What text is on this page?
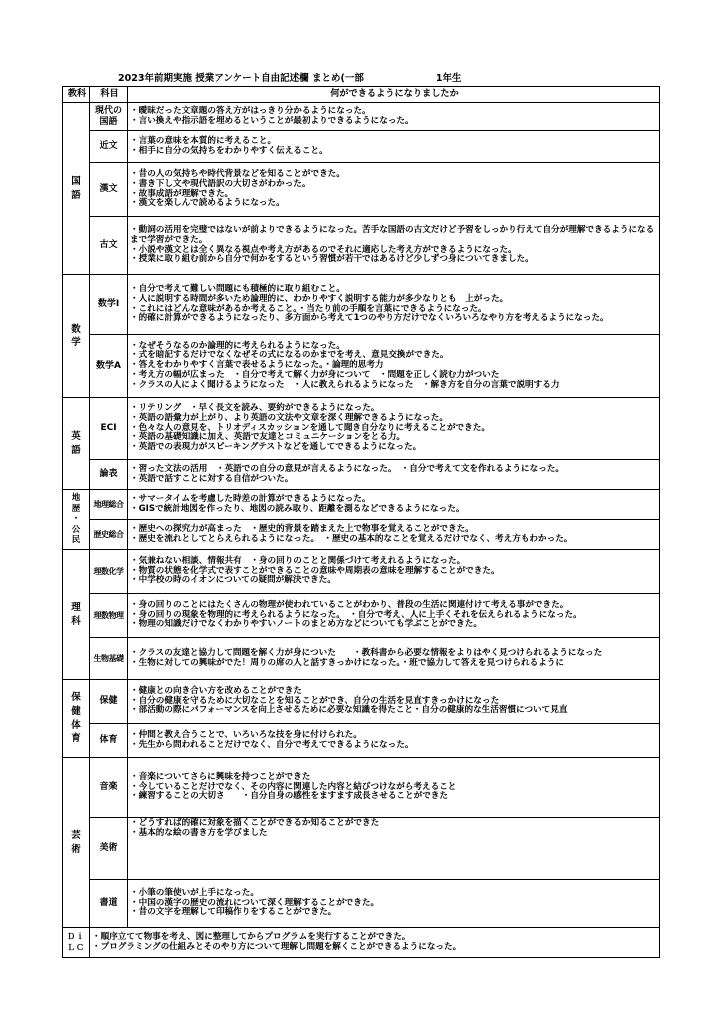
2023年前期実施 授業アンケート自由記述欄 まとめ(一部	1年生
教科	科目	何ができるようになりましたか

国
語	現代の国語	・曖昧だった文章題の答え方がはっきり分かるようになった。
・言い換えや指示語を埋めるということが最初よりできるようになった。

	近文	・言葉の意味を本質的に考えること。
・相手に自分の気持ちをわかりやすく伝えること。

	漢文	・昔の人の気持ちや時代背景などを知ることができた。
・書き下し文や現代語訳の大切さがわかった。
・故事成語が理解できた。
・漢文を楽しんで読めるようになった。

	古文	・動詞の活用を完璧ではないが前よりできるようになった。苦手な国語の古文だけど予習をしっかり行えて自分が理解できるようになるまで学習ができた。
・小説や漢文とは全く異なる視点や考え方があるのでそれに適応した考え方ができるようになった。
・授業に取り組む前から自分で何かをするという習慣が若干ではあるけど少しずつ身についてきました。

数
学	数学Ⅰ	・自分で考えて難しい問題にも積極的に取り組むこと。
・人に説明する時間が多いため論理的に、わかりやすく説明する能力が多少なりとも　上がった。
・これにはどんな意味があるか考えること。・当たり前の手順を言葉にできるようになった。
・的確に計算ができるようになったり、多方面から考えて1つのやり方だけでなくいろいろなやり方を考えるようになった。

	数学A	・なぜそうなるのか論理的に考えられるようになった。
・式を暗記するだけでなくなぜその式になるのかまでを考え、意見交換ができた。
・答えをわかりやすく言葉で表せるようになった。・論理的思考力
・考え方の幅が広まった　・自分で考えて解く力が身について　・問題を正しく読む力がついた
・クラスの人によく聞けるようになった　・人に教えられるようになった　・解き方を自分の言葉で説明する力

英
語	ECI	・リテリング　・早く長文を読み、要約ができるようになった。
・英語の語彙力が上がり、より英語の文法や文章を深く理解できるようになった。
・色々な人の意見を、トリオディスカッションを通して聞き自分なりに考えることができた。
・英語の基礎知識に加え、英語で友達とコミュニケーションをとる力。
・英語での表現力がスピーキングテストなどを通してできるようになった。

	論表	・習った文法の活用　・英語での自分の意見が言えるようになった。　・自分で考えて文を作れるようになった。
・英語で話すことに対する自信がついた。

地
歴
・
公
民	地理総合	・サマータイムを考慮した時差の計算ができるようになった。
・GISで統計地図を作ったり、地図の読み取り、距離を測るなどできるようになった。

	歴史総合	・歴史への探究力が高まった　・歴史的背景を踏まえた上で物事を覚えることができた。
・歴史を流れとしてとらえられるようになった。　・歴史の基本的なことを覚えるだけでなく、考え方もわかった。

理
科	理数化学	・気兼ねない相談、情報共有　・身の回りのことと関係づけて考えれるようになった。
・物質の状態を化学式で表すことができることの意味や周期表の意味を理解することができた。
・中学校の時のイオンについての疑問が解決できた。

	理数物理	・身の回りのことにはたくさんの物理が使われていることがわかり、普段の生活に関連付けて考える事ができた。
・身の回りの現象を物理的に考えられるようになった。　・自分で考え、人に上手くそれを伝えられるようになった。
・物理の知識だけでなくわかりやすいノートのまとめ方などについても学ぶことができた。

	生物基礎	・クラスの友達と協力して問題を解く力が身についた　　・教科書から必要な情報をよりはやく見つけられるようになった
・生物に対しての興味がでた！周りの席の人と話すきっかけになった。・班で協力して答えを見つけられるように

保
健
体
育	保健	・健康との向き合い方を改めることができた
・自分の健康を守るために大切なことを知ることができ、自分の生活を見直すきっかけになった
・部活動の際にパフォーマンスを向上させるために必要な知識を得たこと・自分の健康的な生活習慣について見直

	体育	・仲間と教え合うことで、いろいろな技を身に付けられた。
・先生から問われることだけでなく、自分で考えてできるようになった。

芸
術	音楽	・音楽についてさらに興味を持つことができた
・今していることだけでなく、その内容に関連した内容と結びつけながら考えること
・練習することの大切さ　　・自分自身の感性をますます成長させることができた

	美術	・どうすれば的確に対象を描くことができるか知ることができた
・基本的な絵の書き方を学びました

	書道	・小筆の筆使いが上手になった。
・中国の漢字の歴史の流れについて深く理解することができた。
・昔の文字を理解して印稿作りをすることができた。

Ｄｉ
ＬＣ	・順序立てて物事を考え、図に整理してからプログラムを実行することができた。
・プログラミングの仕組みとそのやり方について理解し問題を解くことができるようになった。	
